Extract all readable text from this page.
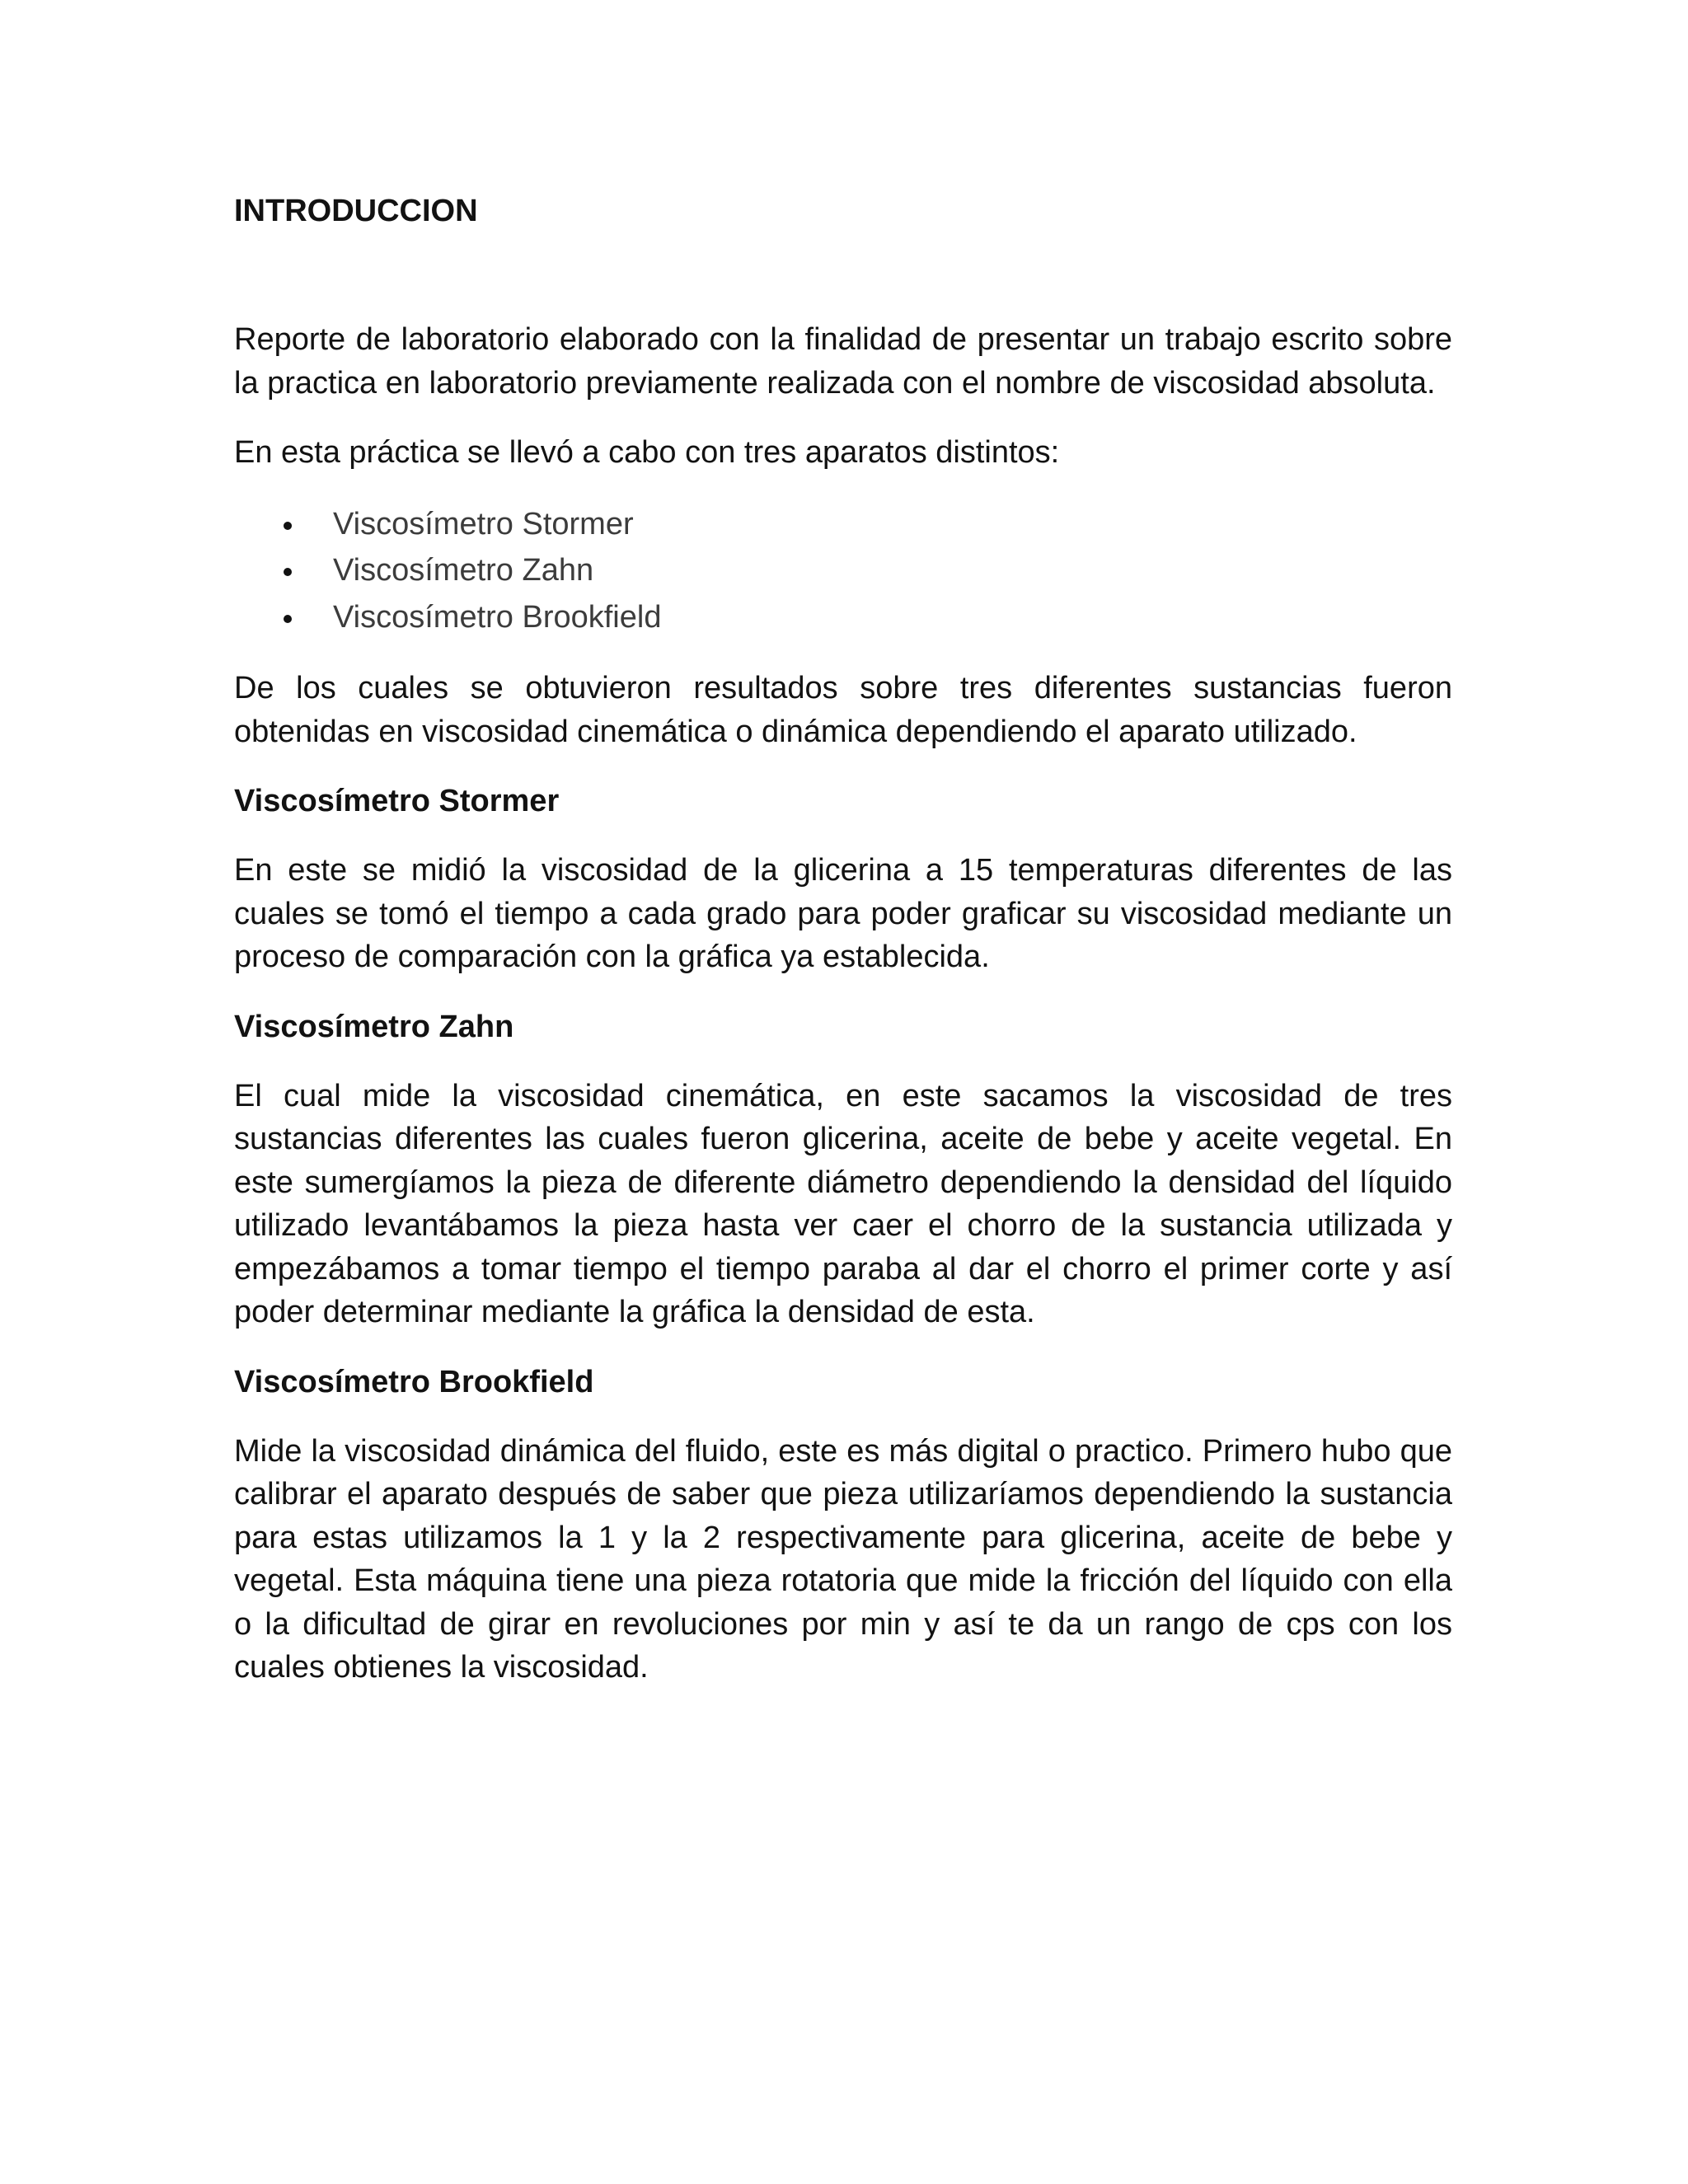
INTRODUCCION

Reporte de laboratorio elaborado con la finalidad de presentar un trabajo escrito sobre la practica en laboratorio previamente realizada con el nombre de viscosidad absoluta.

En esta práctica se llevó a cabo con tres aparatos distintos:

Viscosímetro Stormer
Viscosímetro Zahn
Viscosímetro Brookfield

De los cuales se obtuvieron resultados sobre tres diferentes sustancias fueron obtenidas en viscosidad cinemática o dinámica dependiendo el aparato utilizado.

Viscosímetro Stormer

En este se midió la viscosidad de la glicerina a 15 temperaturas diferentes de las cuales se tomó el tiempo a cada grado para poder graficar su viscosidad mediante un proceso de comparación con la gráfica ya establecida.

Viscosímetro Zahn

El cual mide la viscosidad cinemática, en este sacamos la viscosidad de tres sustancias diferentes las cuales fueron glicerina, aceite de bebe y aceite vegetal. En este sumergíamos la pieza de diferente diámetro dependiendo la densidad del líquido utilizado levantábamos la pieza hasta ver caer el chorro de la sustancia utilizada y empezábamos a tomar tiempo el tiempo paraba al dar el chorro el primer corte y así poder determinar mediante la gráfica la densidad de esta.

Viscosímetro Brookfield

Mide la viscosidad dinámica del fluido, este es más digital o practico. Primero hubo que calibrar el aparato después de saber que pieza utilizaríamos dependiendo la sustancia para estas utilizamos la 1 y la 2 respectivamente para glicerina, aceite de bebe y vegetal. Esta máquina tiene una pieza rotatoria que mide la fricción del líquido con ella o la dificultad de girar en revoluciones por min y así te da un rango de cps con los cuales obtienes la viscosidad.
